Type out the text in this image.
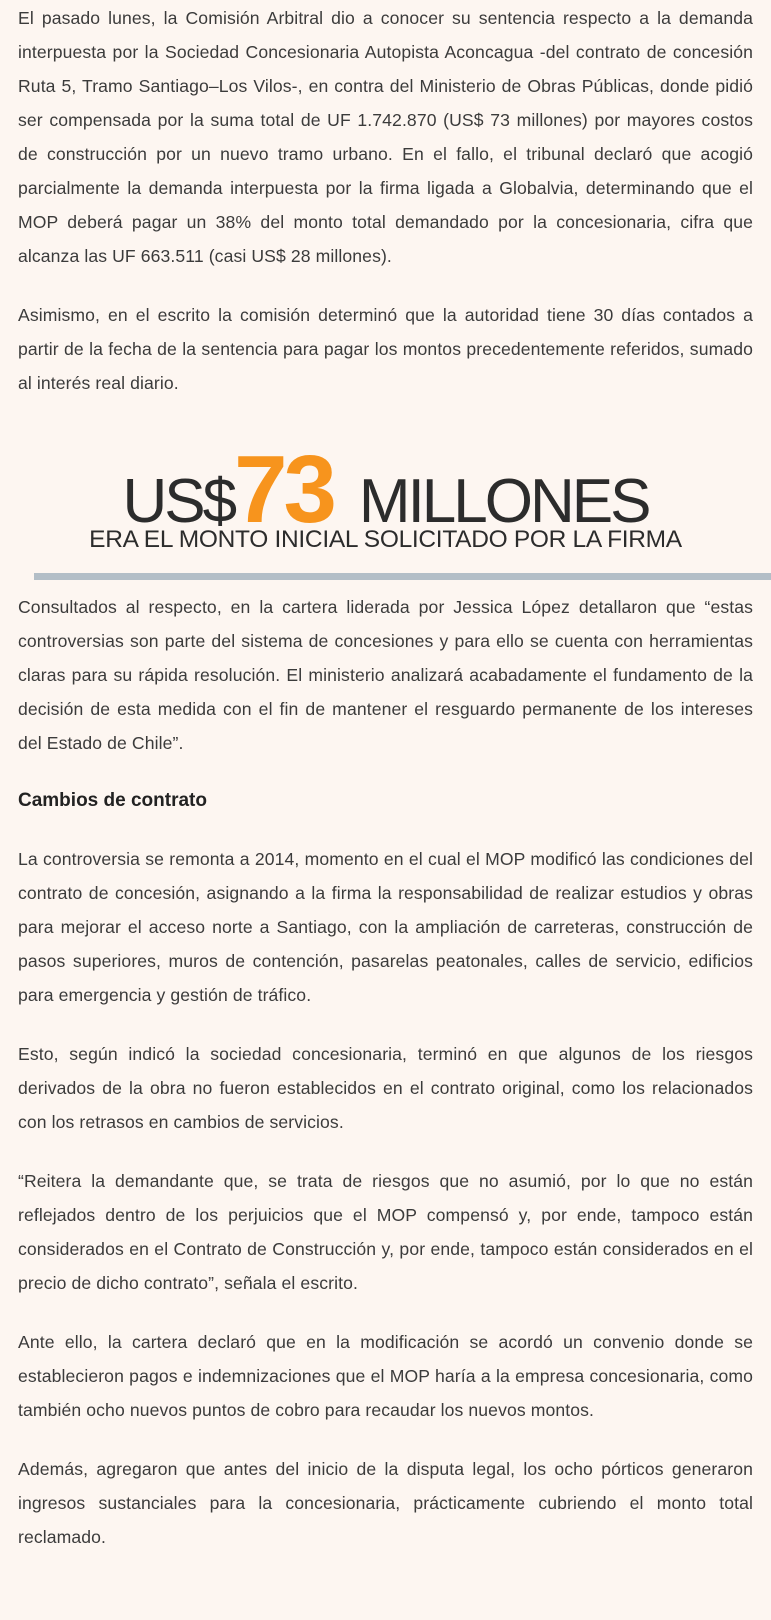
El pasado lunes, la Comisión Arbitral dio a conocer su sentencia respecto a la demanda interpuesta por la Sociedad Concesionaria Autopista Aconcagua -del contrato de concesión Ruta 5, Tramo Santiago–Los Vilos-, en contra del Ministerio de Obras Públicas, donde pidió ser compensada por la suma total de UF 1.742.870 (US$ 73 millones) por mayores costos de construcción por un nuevo tramo urbano. En el fallo, el tribunal declaró que acogió parcialmente la demanda interpuesta por la firma ligada a Globalvia, determinando que el MOP deberá pagar un 38% del monto total demandado por la concesionaria, cifra que alcanza las UF 663.511 (casi US$ 28 millones).

Asimismo, en el escrito la comisión determinó que la autoridad tiene 30 días contados a partir de la fecha de la sentencia para pagar los montos precedentemente referidos, sumado al interés real diario.

US$73 MILLONES
ERA EL MONTO INICIAL SOLICITADO POR LA FIRMA

Consultados al respecto, en la cartera liderada por Jessica López detallaron que “estas controversias son parte del sistema de concesiones y para ello se cuenta con herramientas claras para su rápida resolución. El ministerio analizará acabadamente el fundamento de la decisión de esta medida con el fin de mantener el resguardo permanente de los intereses del Estado de Chile”.

Cambios de contrato

La controversia se remonta a 2014, momento en el cual el MOP modificó las condiciones del contrato de concesión, asignando a la firma la responsabilidad de realizar estudios y obras para mejorar el acceso norte a Santiago, con la ampliación de carreteras, construcción de pasos superiores, muros de contención, pasarelas peatonales, calles de servicio, edificios para emergencia y gestión de tráfico.

Esto, según indicó la sociedad concesionaria, terminó en que algunos de los riesgos derivados de la obra no fueron establecidos en el contrato original, como los relacionados con los retrasos en cambios de servicios.

“Reitera la demandante que, se trata de riesgos que no asumió, por lo que no están reflejados dentro de los perjuicios que el MOP compensó y, por ende, tampoco están considerados en el Contrato de Construcción y, por ende, tampoco están considerados en el precio de dicho contrato”, señala el escrito.

Ante ello, la cartera declaró que en la modificación se acordó un convenio donde se establecieron pagos e indemnizaciones que el MOP haría a la empresa concesionaria, como también ocho nuevos puntos de cobro para recaudar los nuevos montos.

Además, agregaron que antes del inicio de la disputa legal, los ocho pórticos generaron ingresos sustanciales para la concesionaria, prácticamente cubriendo el monto total reclamado.
